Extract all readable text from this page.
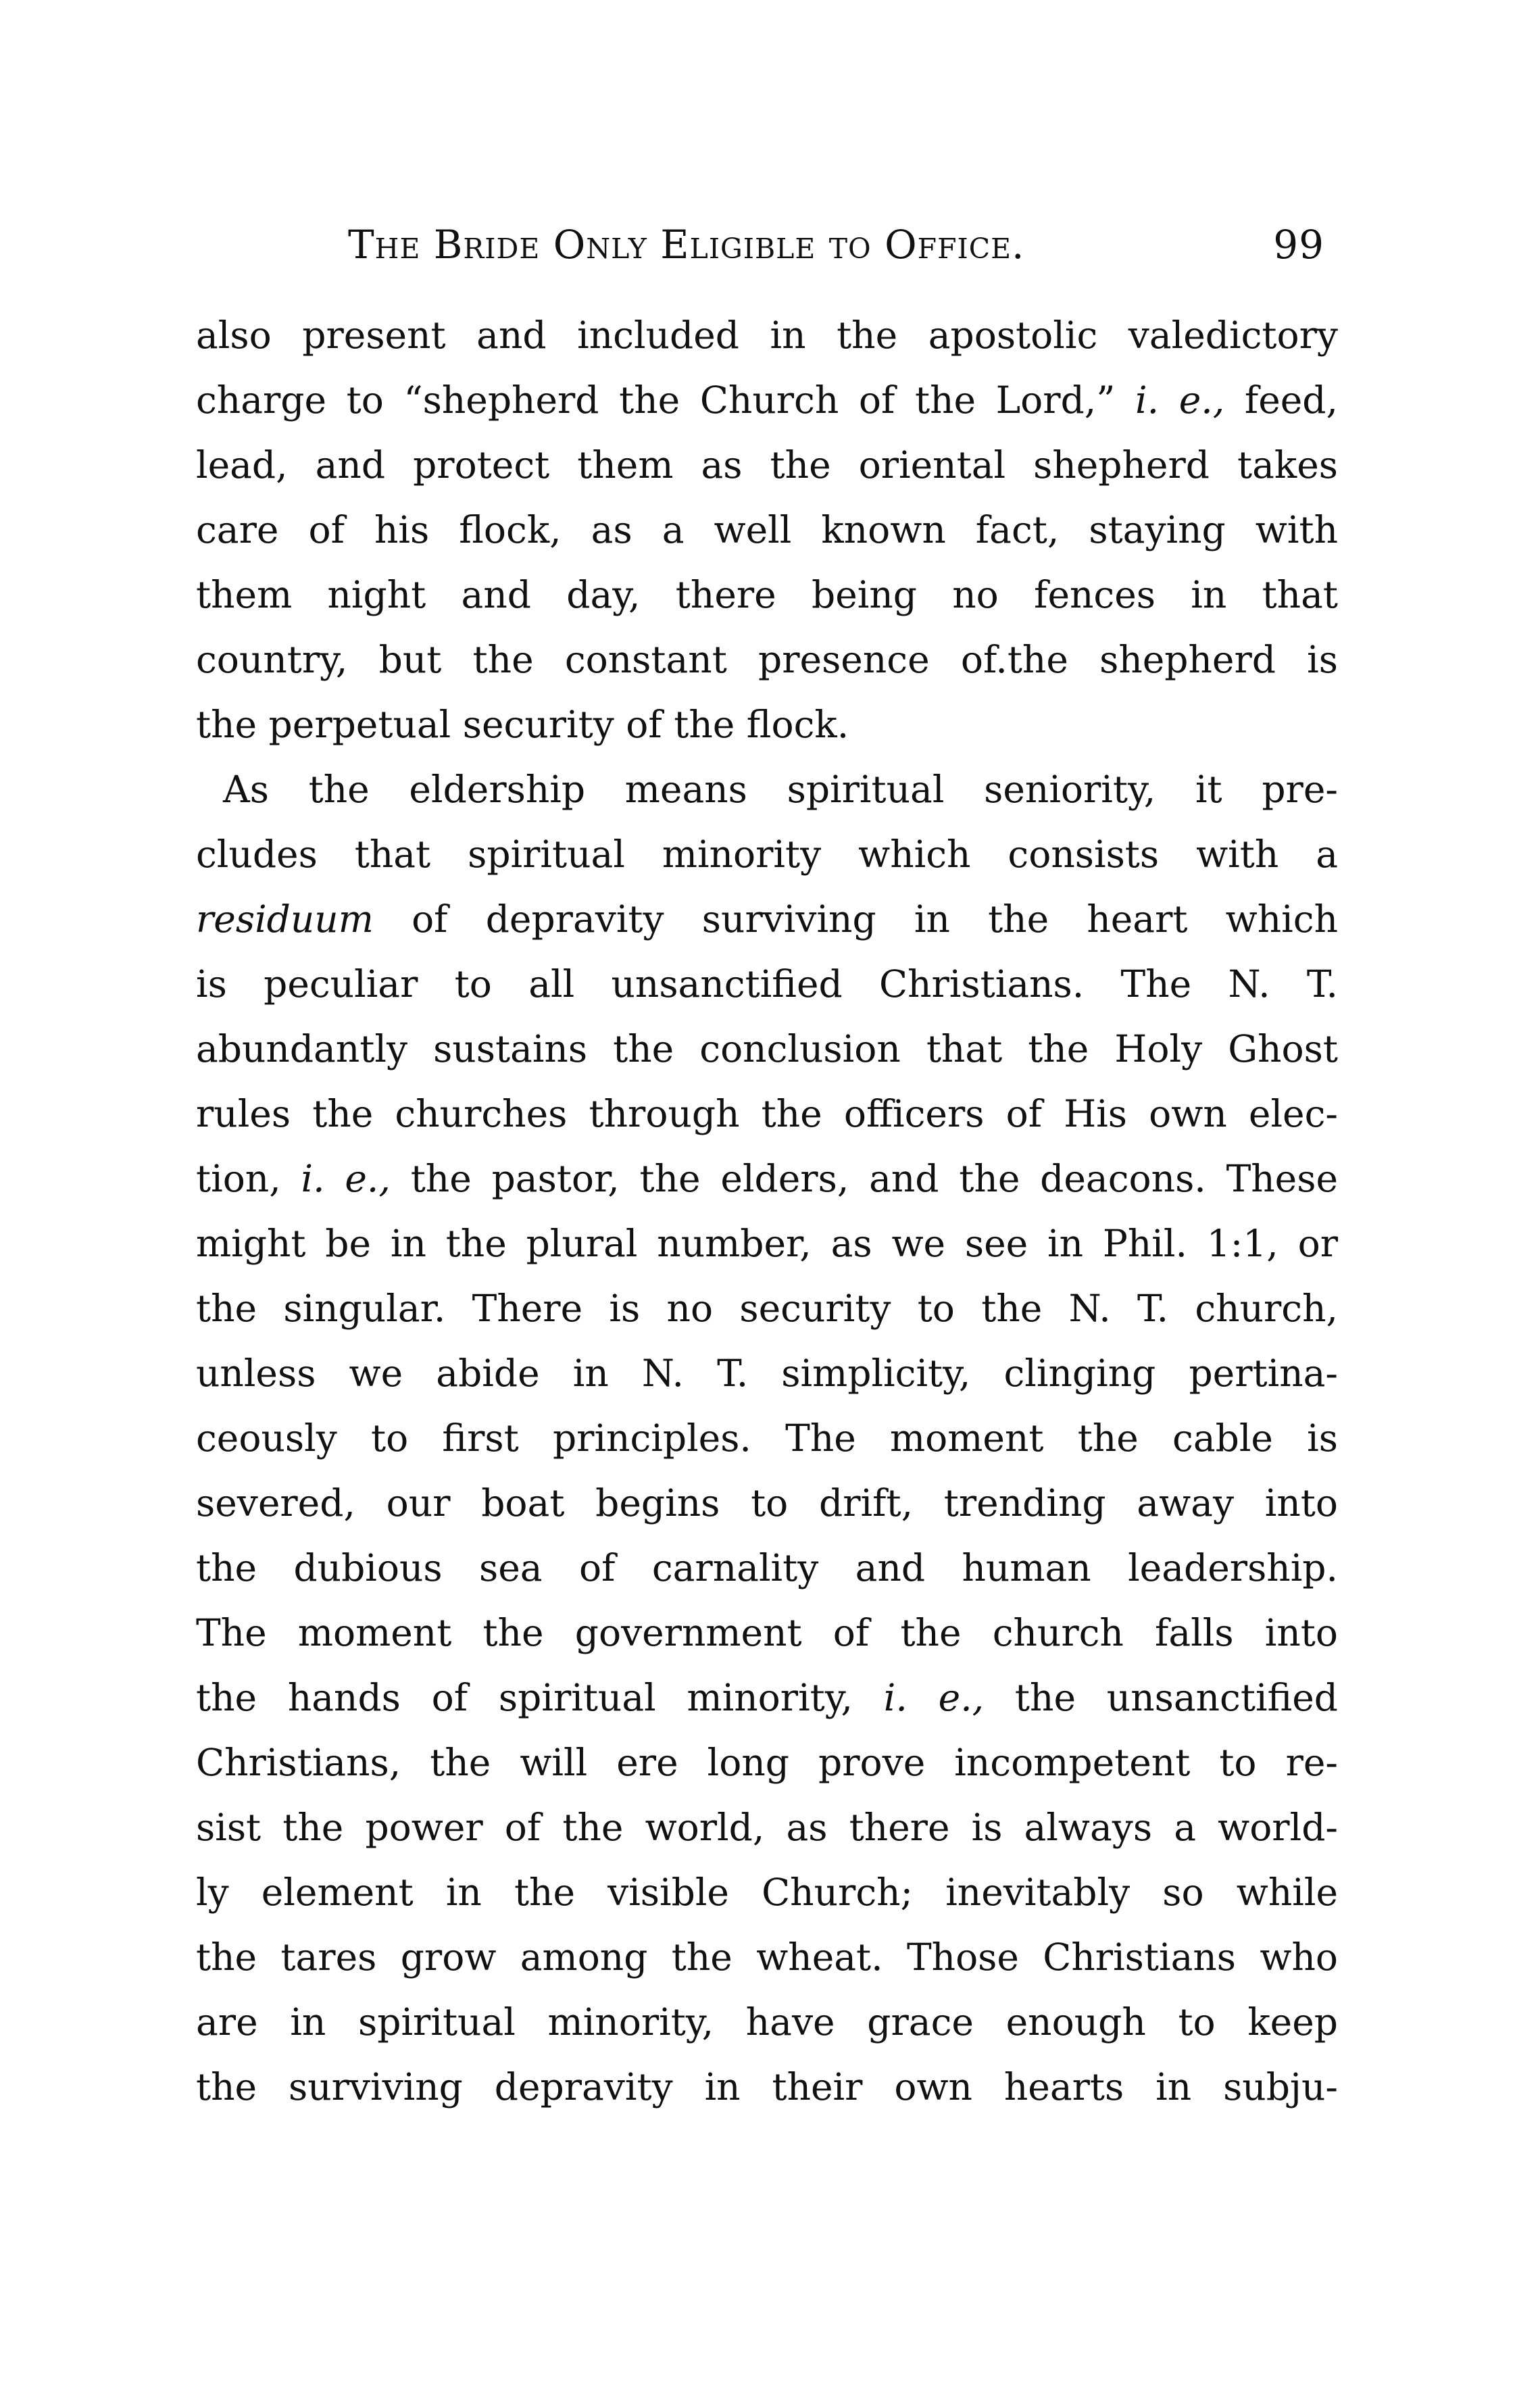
The Bride Only Eligible to Office.	99
also present and included in the apostolic valedictory
charge to “shepherd the Church of the Lord,” i. e., feed,
lead, and protect them as the oriental shepherd takes
care of his flock, as a well known fact, staying with
them night and day, there being no fences in that
country, but the constant presence of.the shepherd is
the perpetual security of the flock.
As the eldership means spiritual seniority, it pre-
cludes that spiritual minority which consists with a
residuum of depravity surviving in the heart which
is peculiar to all unsanctified Christians. The N. T.
abundantly sustains the conclusion that the Holy Ghost
rules the churches through the officers of His own elec-
tion, i. e., the pastor, the elders, and the deacons. These
might be in the plural number, as we see in Phil. 1:1, or
the singular. There is no security to the N. T. church,
unless we abide in N. T. simplicity, clinging pertina-
ceously to first principles. The moment the cable is
severed, our boat begins to drift, trending away into
the dubious sea of carnality and human leadership.
The moment the government of the church falls into
the hands of spiritual minority, i. e., the unsanctified
Christians, the will ere long prove incompetent to re-
sist the power of the world, as there is always a world-
ly element in the visible Church; inevitably so while
the tares grow among the wheat. Those Christians who
are in spiritual minority, have grace enough to keep
the surviving depravity in their own hearts in subju-
